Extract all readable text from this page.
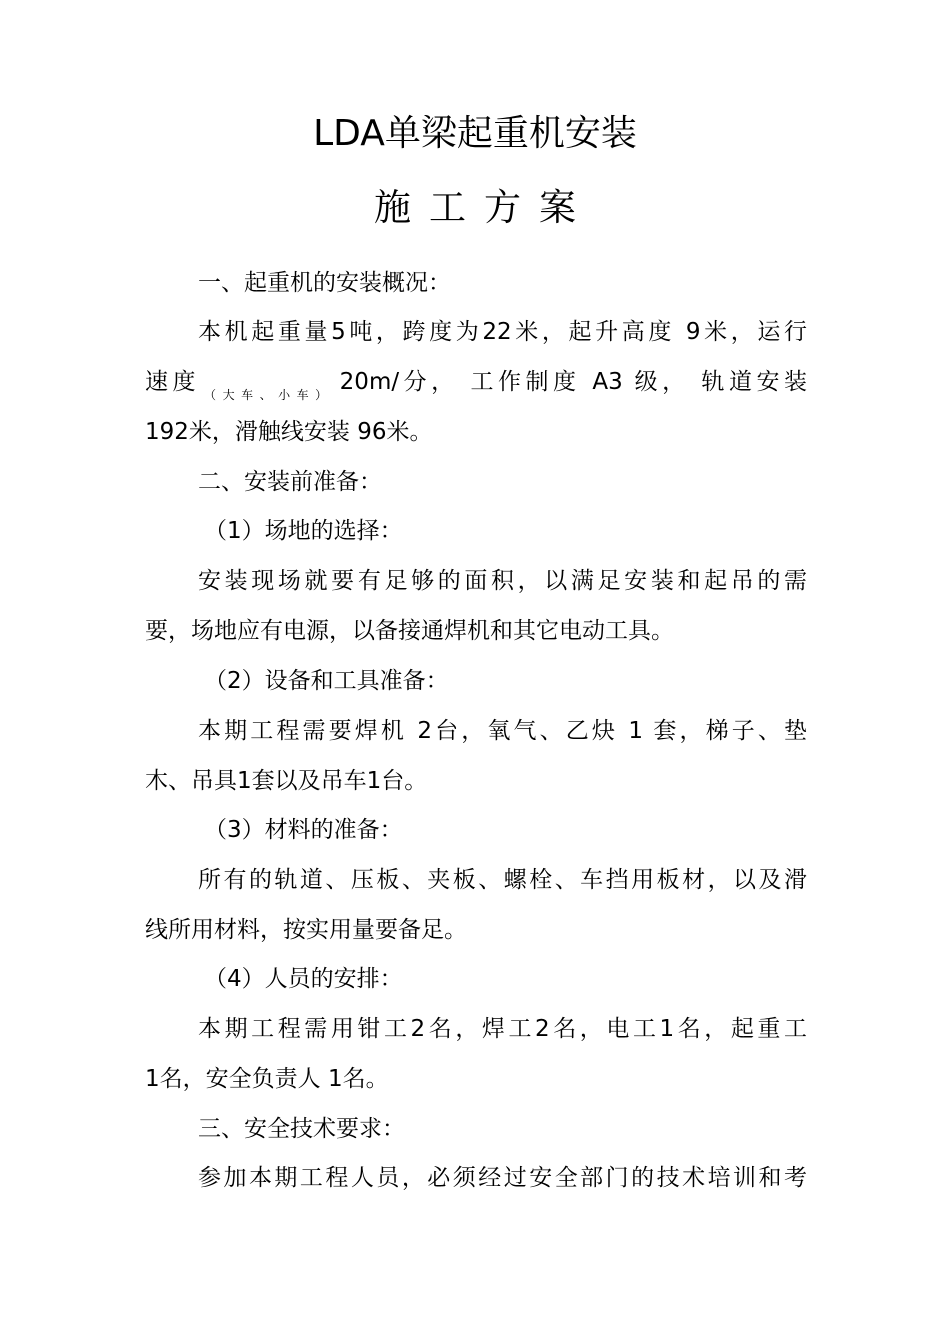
LDA单梁起重机安装
施 工 方 案
一、起重机的安装概况：
本机起重量5吨，跨度为22米，起升高度 9米，运行
速度 $_{(大车、小车)}$ 20m/分， 工作制度 A3 级， 轨道安装
192米，滑触线安装 96米。
二、安装前准备：
（1）场地的选择：
安装现场就要有足够的面积，以满足安装和起吊的需
要，场地应有电源，以备接通焊机和其它电动工具。
（2）设备和工具准备：
本期工程需要焊机 2台，氧气、乙炔 1 套，梯子、垫
木、吊具1套以及吊车1台。
（3）材料的准备：
所有的轨道、压板、夹板、螺栓、车挡用板材，以及滑
线所用材料，按实用量要备足。
（4）人员的安排：
本期工程需用钳工2名，焊工2名，电工1名，起重工
1名，安全负责人 1名。
三、安全技术要求：
参加本期工程人员，必须经过安全部门的技术培训和考
